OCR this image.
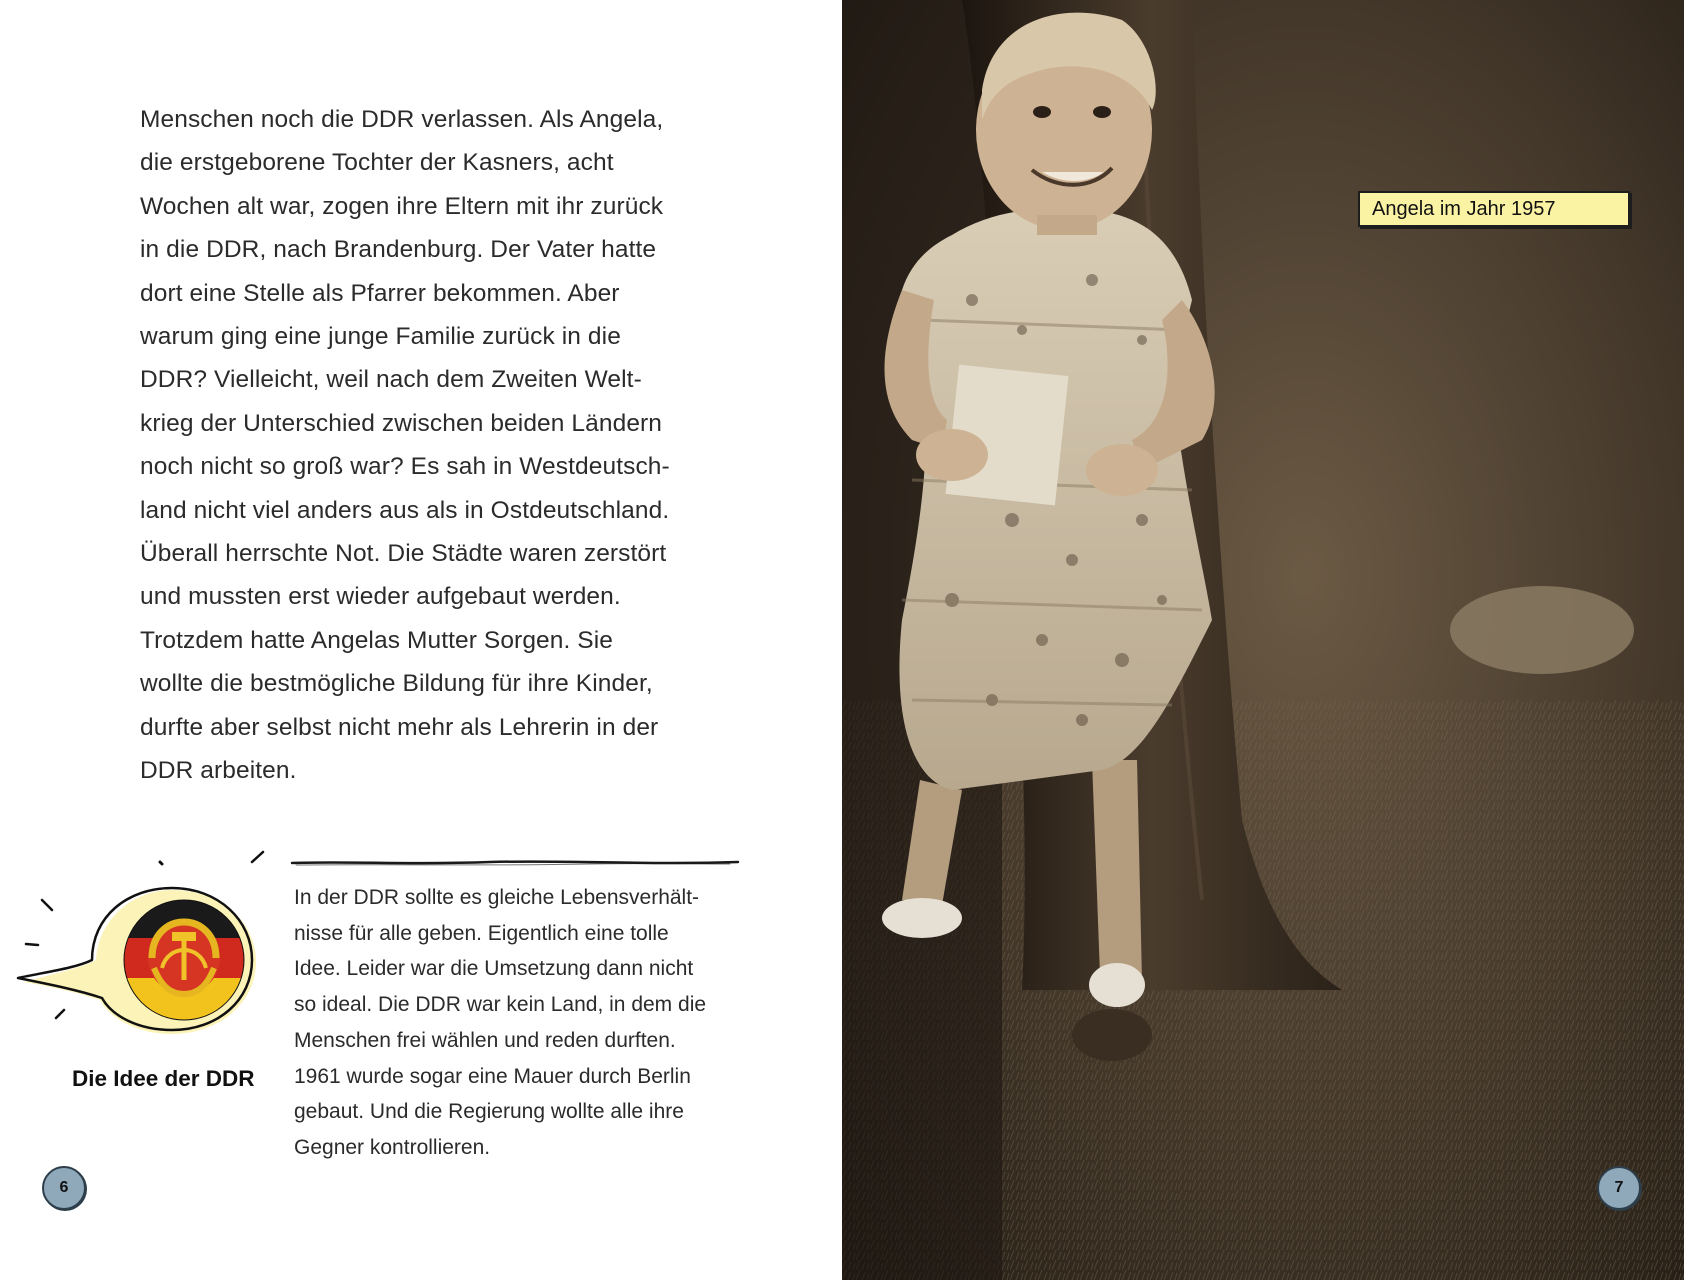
Menschen noch die DDR verlassen. Als Angela,
die erstgeborene Tochter der Kasners, acht
Wochen alt war, zogen ihre Eltern mit ihr zurück
in die DDR, nach Brandenburg. Der Vater hatte
dort eine Stelle als Pfarrer bekommen. Aber
warum ging eine junge Familie zurück in die
DDR? Vielleicht, weil nach dem Zweiten Welt-
krieg der Unterschied zwischen beiden Ländern
noch nicht so groß war? Es sah in Westdeutsch-
land nicht viel anders aus als in Ostdeutschland.
Überall herrschte Not. Die Städte waren zerstört
und mussten erst wieder aufgebaut werden.
Trotzdem hatte Angelas Mutter Sorgen. Sie
wollte die bestmögliche Bildung für ihre Kinder,
durfte aber selbst nicht mehr als Lehrerin in der
DDR arbeiten.
Die Idee der DDR
In der DDR sollte es gleiche Lebensverhält-
nisse für alle geben. Eigentlich eine tolle
Idee. Leider war die Umsetzung dann nicht
so ideal. Die DDR war kein Land, in dem die
Menschen frei wählen und reden durften.
1961 wurde sogar eine Mauer durch Berlin
gebaut. Und die Regierung wollte alle ihre
Gegner kontrollieren.
6
Angela im Jahr 1957
7
